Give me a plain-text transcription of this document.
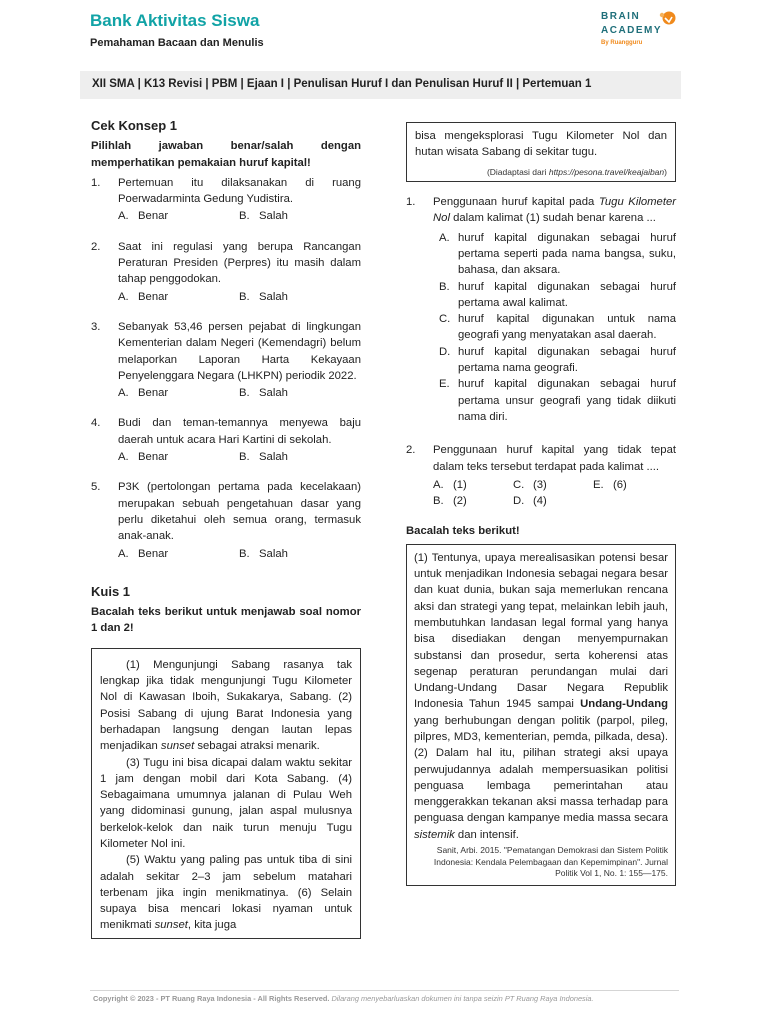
Bank Aktivitas Siswa
Pemahaman Bacaan dan Menulis
BRAIN
ACADEMY
By Ruangguru
XII SMA | K13 Revisi | PBM | Ejaan I | Penulisan Huruf I dan Penulisan Huruf II | Pertemuan 1
Cek Konsep 1
Pilihlah jawaban benar/salah dengan memperhatikan pemakaian huruf kapital!
1.	Pertemuan itu dilaksanakan di ruang Poerwadarminta Gedung Yudistira.
A. Benar	B. Salah
2.	Saat ini regulasi yang berupa Rancangan Peraturan Presiden (Perpres) itu masih dalam tahap penggodokan.
A. Benar	B. Salah
3.	Sebanyak 53,46 persen pejabat di lingkungan Kementerian dalam Negeri (Kemendagri) belum melaporkan Laporan Harta Kekayaan Penyelenggara Negara (LHKPN) periodik 2022.
A. Benar	B. Salah
4.	Budi dan teman-temannya menyewa baju daerah untuk acara Hari Kartini di sekolah.
A. Benar	B. Salah
5.	P3K (pertolongan pertama pada kecelakaan) merupakan sebuah pengetahuan dasar yang perlu diketahui oleh semua orang, termasuk anak-anak.
A. Benar	B. Salah
Kuis 1
Bacalah teks berikut untuk menjawab soal nomor 1 dan 2!
(1) Mengunjungi Sabang rasanya tak lengkap jika tidak mengunjungi Tugu Kilometer Nol di Kawasan Iboih, Sukakarya, Sabang. (2) Posisi Sabang di ujung Barat Indonesia yang berhadapan langsung dengan lautan lepas menjadikan sunset sebagai atraksi menarik.
(3) Tugu ini bisa dicapai dalam waktu sekitar 1 jam dengan mobil dari Kota Sabang. (4) Sebagaimana umumnya jalanan di Pulau Weh yang didominasi gunung, jalan aspal mulusnya berkelok-kelok dan naik turun menuju Tugu Kilometer Nol ini.
(5) Waktu yang paling pas untuk tiba di sini adalah sekitar 2–3 jam sebelum matahari terbenam jika ingin menikmatinya. (6) Selain supaya bisa mencari lokasi nyaman untuk menikmati sunset, kita juga
bisa mengeksplorasi Tugu Kilometer Nol dan hutan wisata Sabang di sekitar tugu.
(Diadaptasi dari https://pesona.travel/keajaiban)
1.	Penggunaan huruf kapital pada Tugu Kilometer Nol dalam kalimat (1) sudah benar karena ...
A. huruf kapital digunakan sebagai huruf pertama seperti pada nama bangsa, suku, bahasa, dan aksara.
B. huruf kapital digunakan sebagai huruf pertama awal kalimat.
C. huruf kapital digunakan untuk nama geografi yang menyatakan asal daerah.
D. huruf kapital digunakan sebagai huruf pertama nama geografi.
E. huruf kapital digunakan sebagai huruf pertama unsur geografi yang tidak diikuti nama diri.
2.	Penggunaan huruf kapital yang tidak tepat dalam teks tersebut terdapat pada kalimat ....
A. (1)	C. (3)	E. (6)
B. (2)	D. (4)
Bacalah teks berikut!
(1) Tentunya, upaya merealisasikan potensi besar untuk menjadikan Indonesia sebagai negara besar dan kuat dunia, bukan saja memerlukan rencana aksi dan strategi yang tepat, melainkan lebih jauh, membutuhkan landasan legal formal yang hanya bisa disediakan dengan menyempurnakan substansi dan prosedur, serta koherensi atas segenap peraturan perundangan mulai dari Undang-Undang Dasar Negara Republik Indonesia Tahun 1945 sampai Undang-Undang yang berhubungan dengan politik (parpol, pileg, pilpres, MD3, kementerian, pemda, pilkada, desa). (2) Dalam hal itu, pilihan strategi aksi upaya perwujudannya adalah mempersuasikan politisi penguasa lembaga pemerintahan atau menggerakkan tekanan aksi massa terhadap para penguasa dengan kampanye media massa secara sistemik dan intensif.
Sanit, Arbi. 2015. "Pematangan Demokrasi dan Sistem Politik Indonesia: Kendala Pelembagaan dan Kepemimpinan". Jurnal Politik Vol 1, No. 1: 155—175.
Copyright © 2023 - PT Ruang Raya Indonesia - All Rights Reserved. Dilarang menyebarluaskan dokumen ini tanpa seizin PT Ruang Raya Indonesia.
